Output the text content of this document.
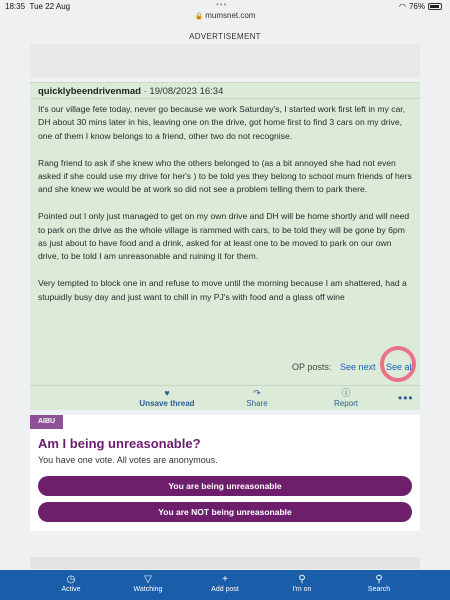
18:35 Tue 22 Aug	•••
🔒 mumsnet.com
◠ 76%
ADVERTISEMENT
quicklybeendrivenmad · 19/08/2023 16:34

It's our village fete today, never go because we work Saturday's, I started work first left in my car, DH about 30 mins later in his, leaving one on the drive, got home first to find 3 cars on my drive, one of them I know belongs to a friend, other two do not recognise.

Rang friend to ask if she knew who the others belonged to (as a bit annoyed she had not even asked if she could use my drive for her's ) to be told yes they belong to school mum friends of hers and she knew we would be at work so did not see a problem telling them to park there.

Pointed out I only just managed to get on my own drive and DH will be home shortly and will need to park on the drive as the whole village is rammed with cars, to be told they will be gone by 6pm as just about to have food and a drink, asked for at least one to be moved to park on our own drive, to be told I am unreasonable and ruining it for them.

Very tempted to block one in and refuse to move until the morning because I am shattered, had a stupuidly busy day and just want to chill in my PJ's with food and a glass off wine

OP posts: See next See all
♥
Unsave thread
↷
Share
ⓘ
Report	•••
AIBU
Am I being unreasonable?
You have one vote. All votes are anonymous.
You are being unreasonable
You are NOT being unreasonable
◷
Active
▽
Watching
+
Add post
⚲
I'm on
⚲
Search
